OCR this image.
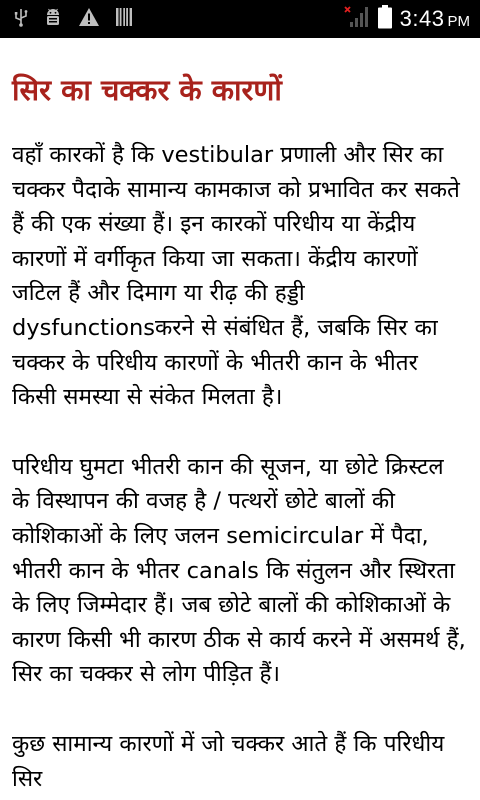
3:43 PM
सिर का चक्कर के कारणों

वहाँ कारकों है कि vestibular प्रणाली और सिर का चक्कर पैदाके सामान्य कामकाज को प्रभावित कर सकते हैं की एक संख्या हैं। इन कारकों परिधीय या केंद्रीय कारणों में वर्गीकृत किया जा सकता। केंद्रीय कारणों जटिल हैं और दिमाग या रीढ़ की हड्डी dysfunctionsकरने से संबंधित हैं, जबकि सिर का चक्कर के परिधीय कारणों के भीतरी कान के भीतर किसी समस्या से संकेत मिलता है।

परिधीय घुमटा भीतरी कान की सूजन, या छोटे क्रिस्टल के विस्थापन की वजह है / पत्थरों छोटे बालों की कोशिकाओं के लिए जलन semicircular में पैदा, भीतरी कान के भीतर canals कि संतुलन और स्थिरता के लिए जिम्मेदार हैं। जब छोटे बालों की कोशिकाओं के कारण किसी भी कारण ठीक से कार्य करने में असमर्थ हैं, सिर का चक्कर से लोग पीड़ित हैं।

कुछ सामान्य कारणों में जो चक्कर आते हैं कि परिधीय सिर
